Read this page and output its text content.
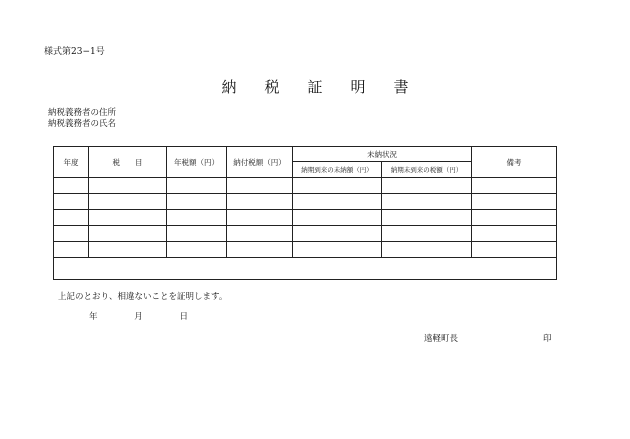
様式第23−1号
納 税 証 明 書
納税義務者の住所
納税義務者の氏名
年度	税　　目	年税額（円）	納付税額（円）	未納状況		備考
				納期到来の未納額（円）	納期未到来の税額（円）	

上記のとおり、相違ないことを証明します。
年	月	日
遠軽町長	印
